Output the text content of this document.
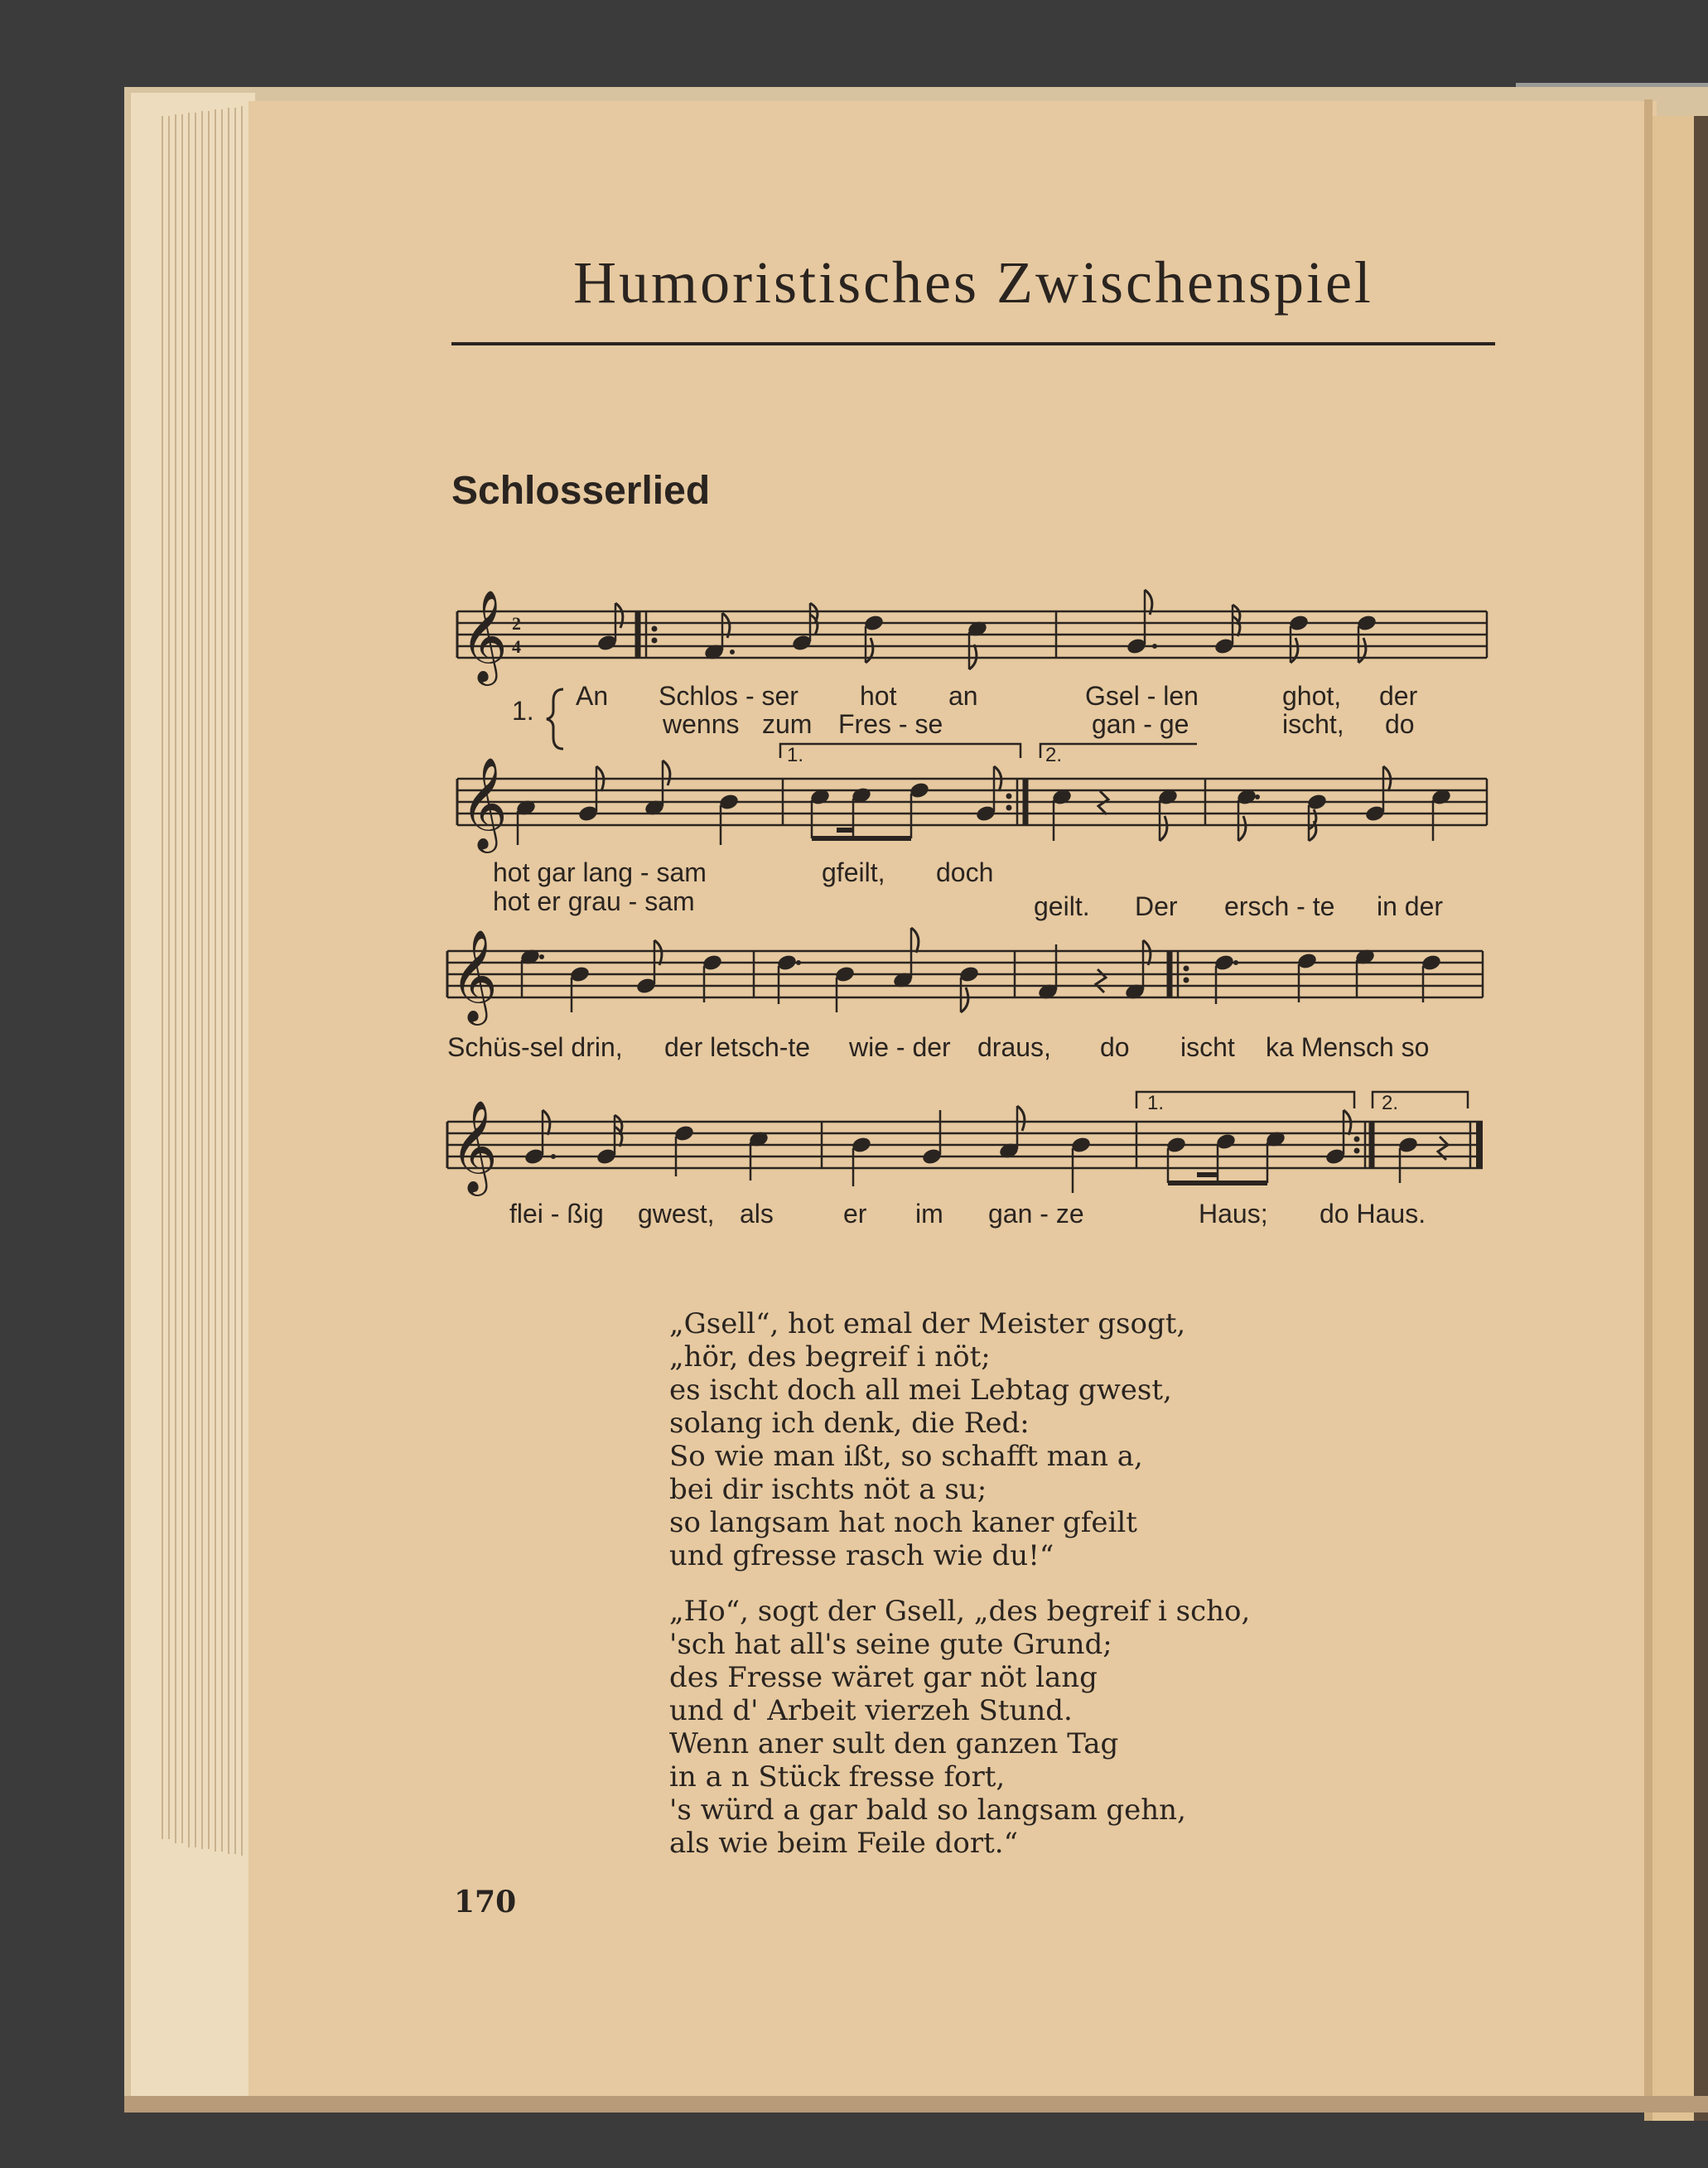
𝄞 2
4
𝄞
𝄞
𝄞
Humoristisches Zwischenspiel
Schlosserlied
1. An Schlos - ser hot an	Gsel - len	ghot, der
wenns zum Fres - se	gan - ge	ischt, do
1.	2.
1.	2.
hot gar lang - sam	gfeilt, doch
hot er grau - sam	geilt. Der ersch - te in der
Schüs-sel drin, der letsch-te wie - der draus, do ischt ka Mensch so
flei - ßig gwest, als	er im gan - ze	Haus; do Haus.
„Gsell“, hot emal der Meister gsogt,
„hör, des begreif i nöt;
es ischt doch all mei Lebtag gwest,
solang ich denk, die Red:
So wie man ißt, so schafft man a,
bei dir ischts nöt a su;
so langsam hat noch kaner gfeilt
und gfresse rasch wie du!“
„Ho“, sogt der Gsell, „des begreif i scho,
'sch hat all's seine gute Grund;
des Fresse wäret gar nöt lang
und d' Arbeit vierzeh Stund.
Wenn aner sult den ganzen Tag
in a n Stück fresse fort,
's würd a gar bald so langsam gehn,
als wie beim Feile dort.“
170
